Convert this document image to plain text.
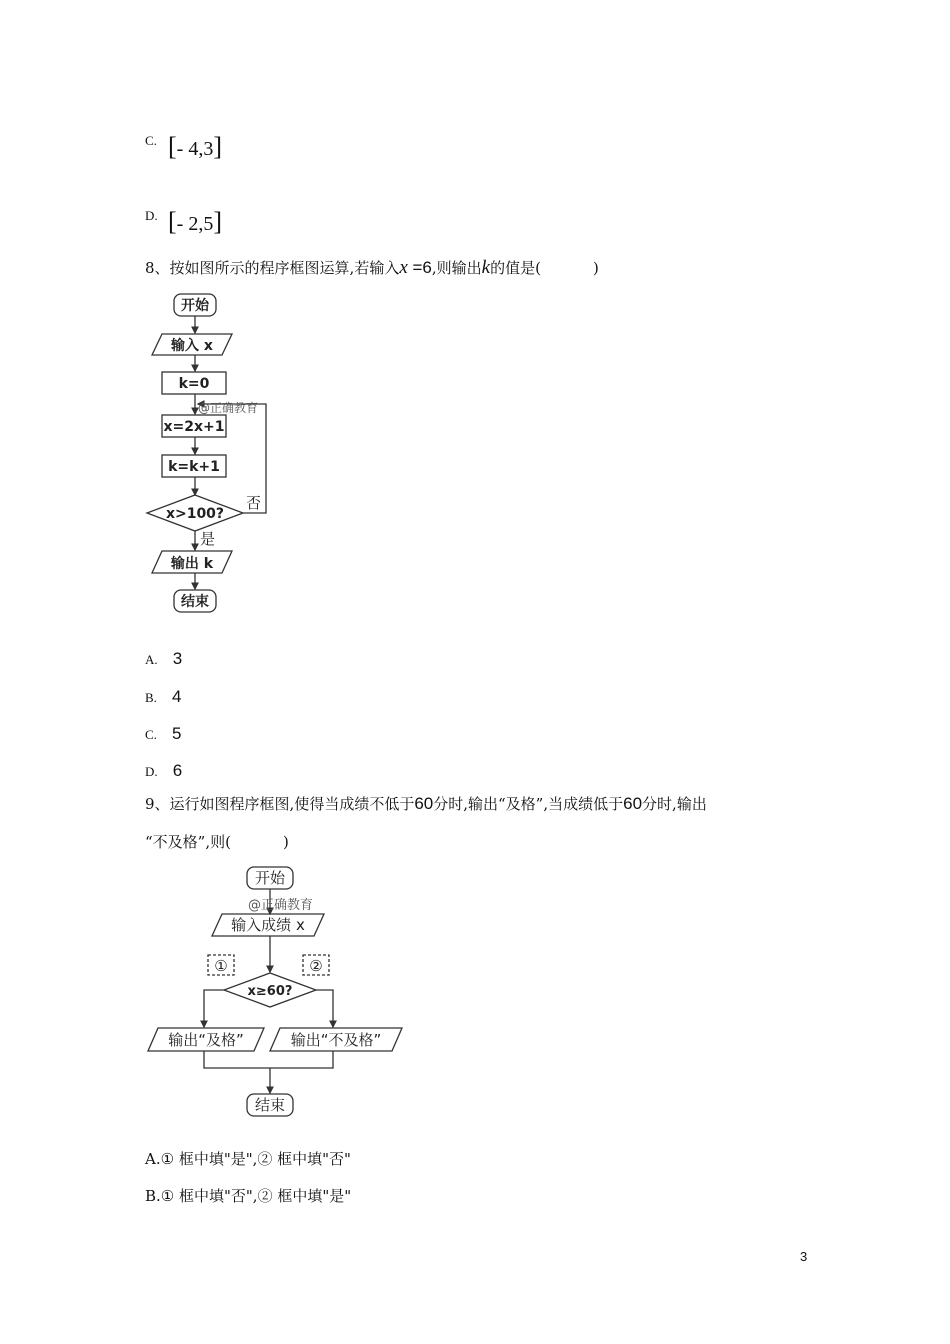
C. [- 4,3]
D. [- 2,5]
8、按如图所示的程序框图运算,若输入x =6,则输出k的值是(	)
开始
输入 x
k=0
@正确教育
x=2x+1
k=k+1
x>100?
否
是
输出 k
结束
A. 3
B. 4
C. 5
D. 6
9、运行如图程序框图,使得当成绩不低于60分时,输出“及格”,当成绩低于60分时,输出
“不及格”,则(	)
开始
@正确教育
输入成绩 x
①	②
x≥60?
输出“及格”	输出“不及格”
结束
A.① 框中填"是",② 框中填"否"
B.① 框中填"否",② 框中填"是"
3
